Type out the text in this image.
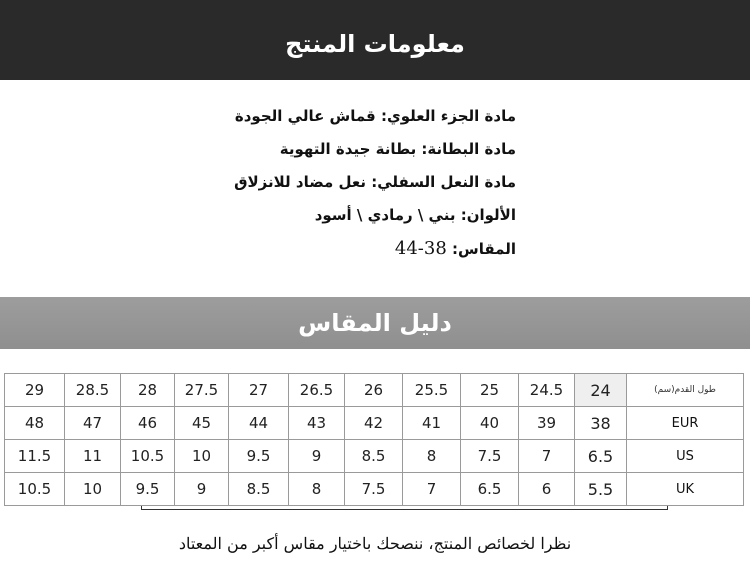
معلومات المنتج
مادة الجزء العلوي: قماش عالي الجودة
مادة البطانة: بطانة جيدة التهوية
مادة النعل السفلي: نعل مضاد للانزلاق
الألوان: بني \ رمادي \ أسود
المقاس: 38-44
دليل المقاس
29	28.5	28	27.5	27	26.5	26	25.5	25	24.5	24	طول القدم(سم)
48	47	46	45	44	43	42	41	40	39	38	EUR
11.5	11	10.5	10	9.5	9	8.5	8	7.5	7	6.5	US
10.5	10	9.5	9	8.5	8	7.5	7	6.5	6	5.5	UK
نظرا لخصائص المنتج، ننصحك باختيار مقاس أكبر من المعتاد
